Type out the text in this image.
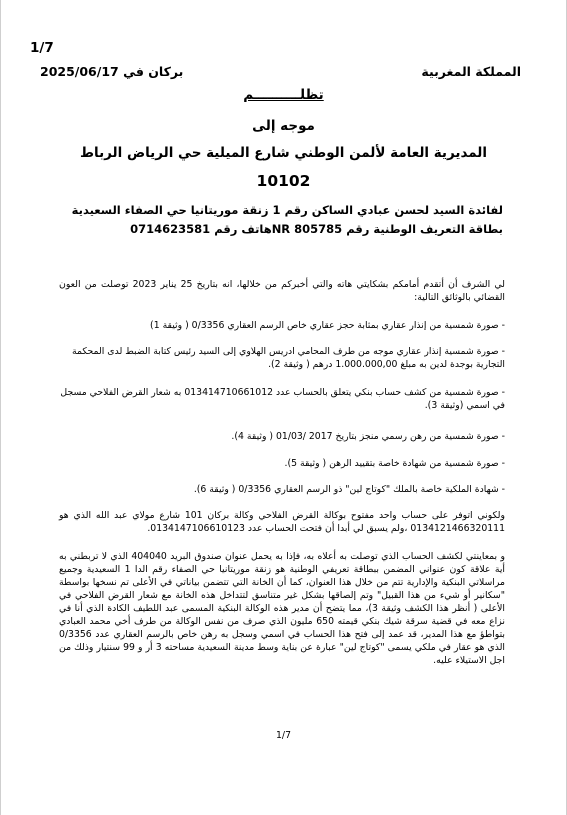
1/7
المملكة المغربية
2025/06/17 بركان في
تظلــــــــــم
موجه إلى
المديرية العامة لألمن الوطني شارع الميلية حي الرياض الرباط
10102
لفائدة السيد لحسن عبادي الساكن رقم 1 زنقة موريتانيا حي الصفاء السعيدية
بطاقة التعريف الوطنية رقم NR 805785هاتف رقم 0714623581
لي الشرف أن أتقدم أمامكم بشكايتي هاته والتي أخبركم من خلالها، انه بتاريخ 25 يناير 2023 توصلت من العون القضائي بالوثائق التالية:
- صورة شمسية من إنذار عقاري بمثابة حجز عقاري خاص الرسم العقاري 0/3356 ( وثيقة 1)
- صورة شمسية إنذار عقاري موجه من طرف المحامي ادريس الهلاوي إلى السيد رئيس كتابة الضبط لدى المحكمة التجارية بوجدة لدين به مبلغ 1.000.000,00 درهم ( وثيقة 2).
- صورة شمسية من كشف حساب بنكي يتعلق بالحساب عدد 013414710661012 به شعار القرض الفلاحي مسجل في اسمي (وثيقة 3).
- صورة شمسية من رهن رسمي منجز بتاريخ 2017 /01/03 ( وثيقة 4).
- صورة شمسية من شهادة خاصة بتقييد الرهن ( وثيقة 5).
- شهادة الملكية خاصة بالملك "كوتاج لين" ذو الرسم العقاري 0/3356 ( وثيقة 6).
ولكوني اتوفر على حساب واحد مفتوح بوكالة القرض الفلاحي وكالة بركان 101 شارع مولاي عبد الله الذي هو 0134121466320111 ،ولم يسبق لي أبدا أن فتحت الحساب عدد 0134147106610123.
و بمعاينتي لكشف الحساب الذي توصلت به أعلاه به، فإذا به يحمل عنوان صندوق البريد 404040 الذي لا تربطني به أية علاقة كون عنواني المضمن ببطاقة تعريفي الوطنية هو زنقة موريتانيا حي الصفاء رقم الدا 1 السعيدية وجميع مراسلاتي البنكية والإدارية تتم من خلال هذا العنوان، كما أن الخانة التي تتضمن بياناتي في الأعلى تم نسخها بواسطة "سكانير أو شيء من هذا القبيل" وتم إلصاقها بشكل غير متناسق لتتداخل هذه الخانة مع شعار القرض الفلاحي في الأعلى ( أنظر هذا الكشف وثيقة 3)، مما يتضح أن مدير هذه الوكالة البنكية المسمى عبد اللطيف الكادة الذي أنا في نزاع معه في قضية سرقة شيك بنكي قيمته 650 مليون الذي صرف من نفس الوكالة من طرف أخي محمد العبادي بتواطؤ مع هذا المدير، قد عمد إلى فتح هذا الحساب في اسمي وسجل به رهن خاص بالرسم العقاري عدد 0/3356 الذي هو عقار في ملكي يسمى "كوتاج لين" عبارة عن بناية وسط مدينة السعيدية مساحته 3 أر و 99 سنتيار وذلك من اجل الاستيلاء عليه.
1/7
